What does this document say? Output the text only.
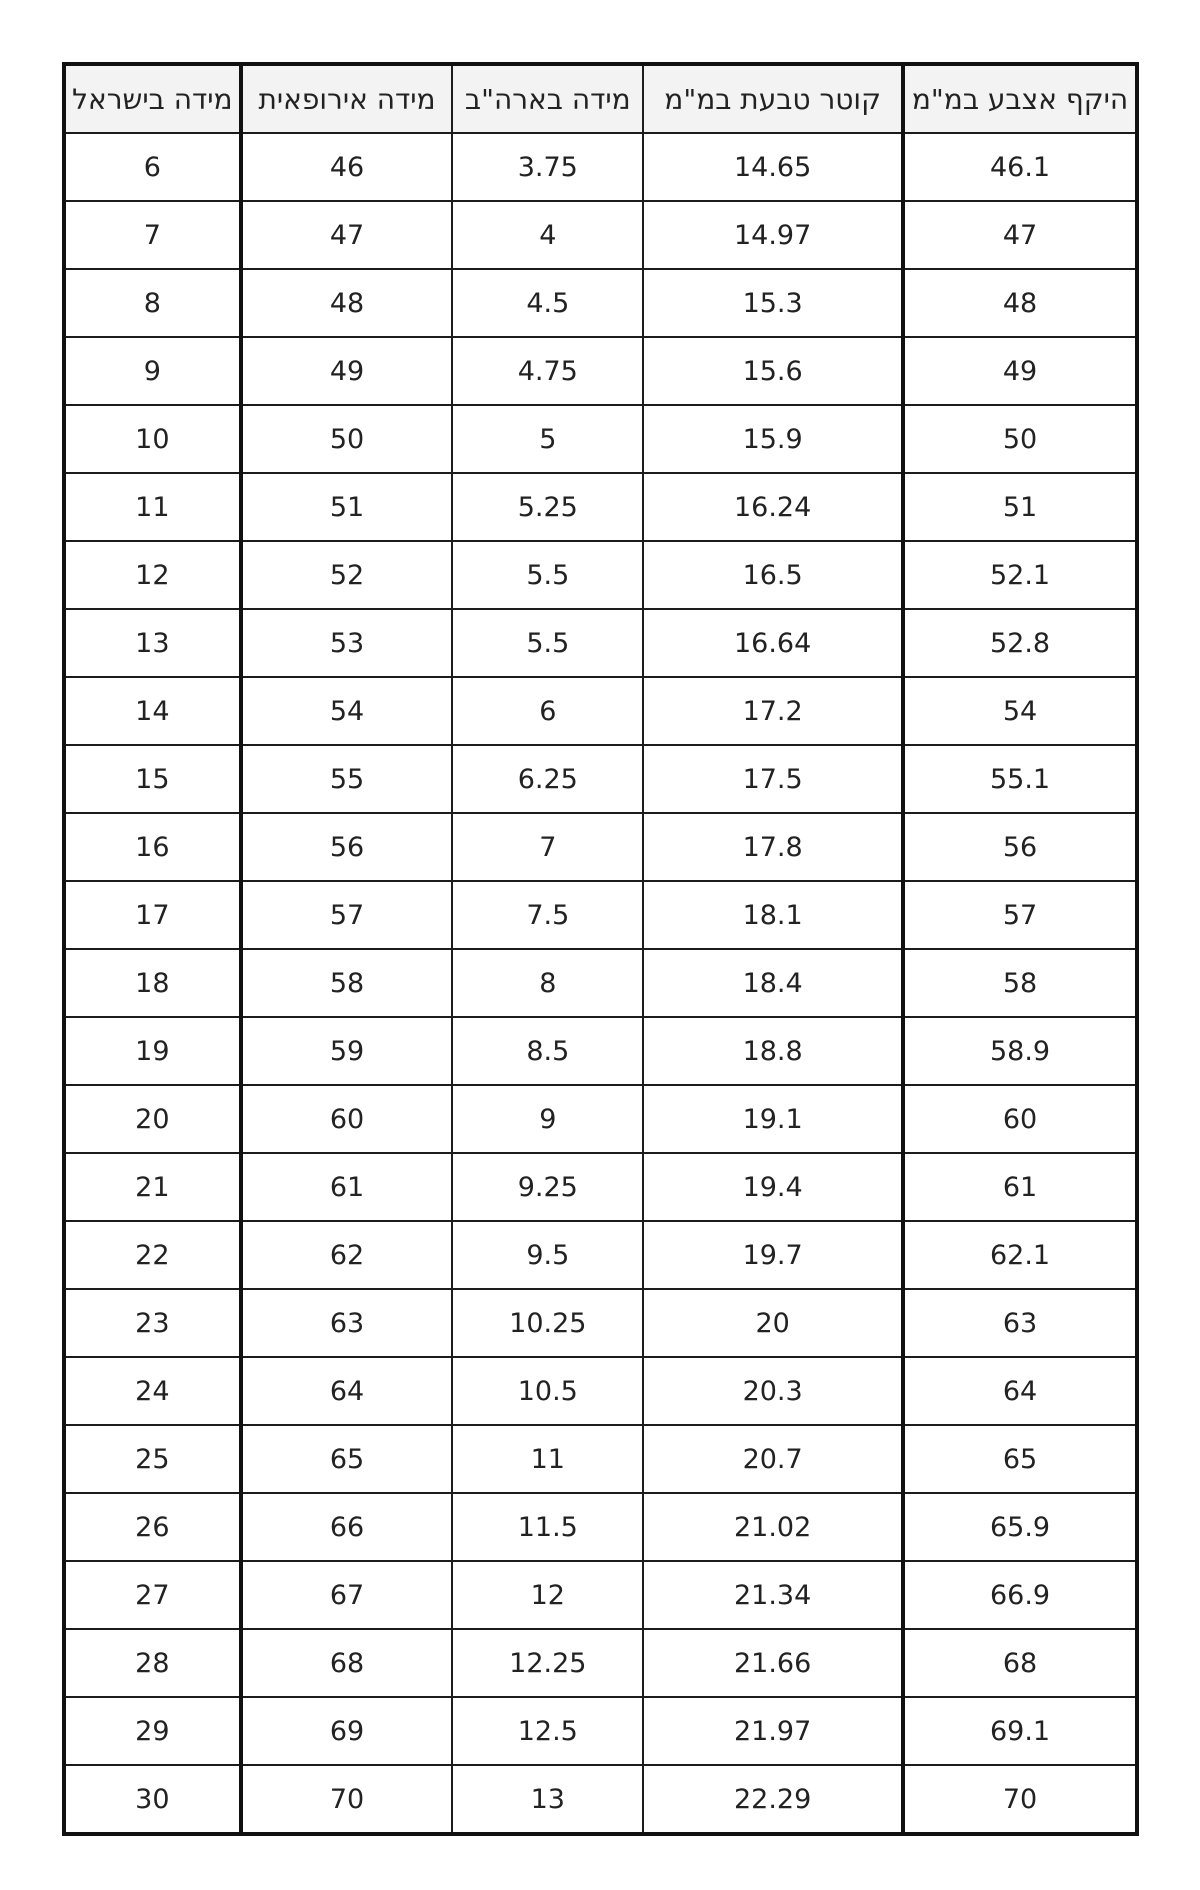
מידה בישראל	מידה אירופאית	מידה בארה"ב	קוטר טבעת במ"מ	היקף אצבע במ"מ
6	46	3.75	14.65	46.1
7	47	4	14.97	47
8	48	4.5	15.3	48
9	49	4.75	15.6	49
10	50	5	15.9	50
11	51	5.25	16.24	51
12	52	5.5	16.5	52.1
13	53	5.5	16.64	52.8
14	54	6	17.2	54
15	55	6.25	17.5	55.1
16	56	7	17.8	56
17	57	7.5	18.1	57
18	58	8	18.4	58
19	59	8.5	18.8	58.9
20	60	9	19.1	60
21	61	9.25	19.4	61
22	62	9.5	19.7	62.1
23	63	10.25	20	63
24	64	10.5	20.3	64
25	65	11	20.7	65
26	66	11.5	21.02	65.9
27	67	12	21.34	66.9
28	68	12.25	21.66	68
29	69	12.5	21.97	69.1
30	70	13	22.29	70
